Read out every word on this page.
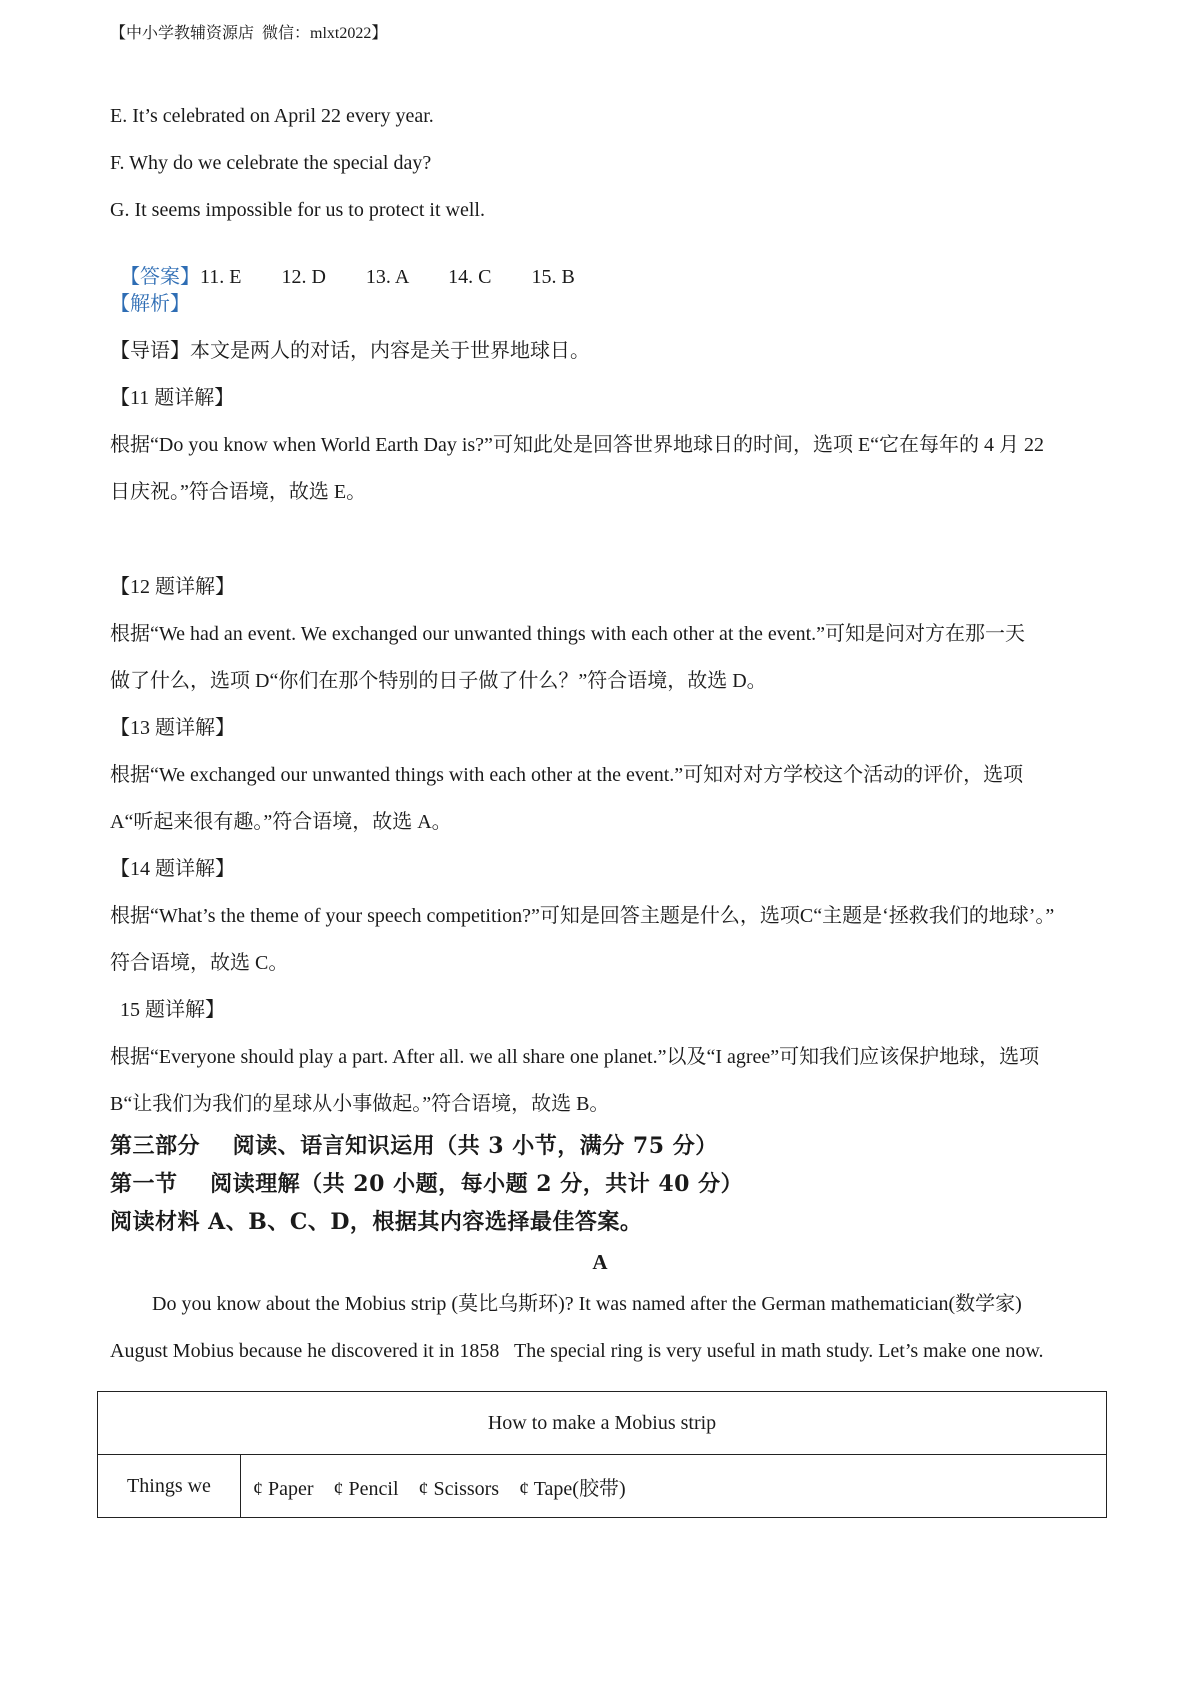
【中小学教辅资源店  微信：mlxt2022】
E. It’s celebrated on April 22 every year.
F. Why do we celebrate the special day?
G. It seems impossible for us to protect it well.

【答案】11. E        12. D        13. A        14. C        15. B

【解析】
【导语】本文是两人的对话，内容是关于世界地球日。
【11 题详解】
根据“Do you know when World Earth Day is?”可知此处是回答世界地球日的时间，选项 E“它在每年的 4 月 22
日庆祝。”符合语境，故选 E。
【12 题详解】
根据“We had an event. We exchanged our unwanted things with each other at the event.”可知是问对方在那一天
做了什么，选项 D“你们在那个特别的日子做了什么？”符合语境，故选 D。
【13 题详解】
根据“We exchanged our unwanted things with each other at the event.”可知对对方学校这个活动的评价，选项
A“听起来很有趣。”符合语境，故选 A。
【14 题详解】
根据“What’s the theme of your speech competition?”可知是回答主题是什么，选项C“主题是‘拯救我们的地球’。”
符合语境，故选 C。
15 题详解】
根据“Everyone should play a part. After all. we all share one planet.”以及“I agree”可知我们应该保护地球，选项
B“让我们为我们的星球从小事做起。”符合语境，故选 B。
第三部分    阅读、语言知识运用（共 3 小节，满分 75 分）
第一节    阅读理解（共 20 小题，每小题 2 分，共计 40 分）
阅读材料 A、B、C、D，根据其内容选择最佳答案。
A
Do you know about the Mobius strip (莫比乌斯环)? It was named after the German mathematician(数学家)
August Mobius because he discovered it in 1858   The special ring is very useful in math study. Let’s make one now.
How to make a Mobius strip
Things we	¢ Paper    ¢ Pencil    ¢ Scissors    ¢ Tape(胶带)
